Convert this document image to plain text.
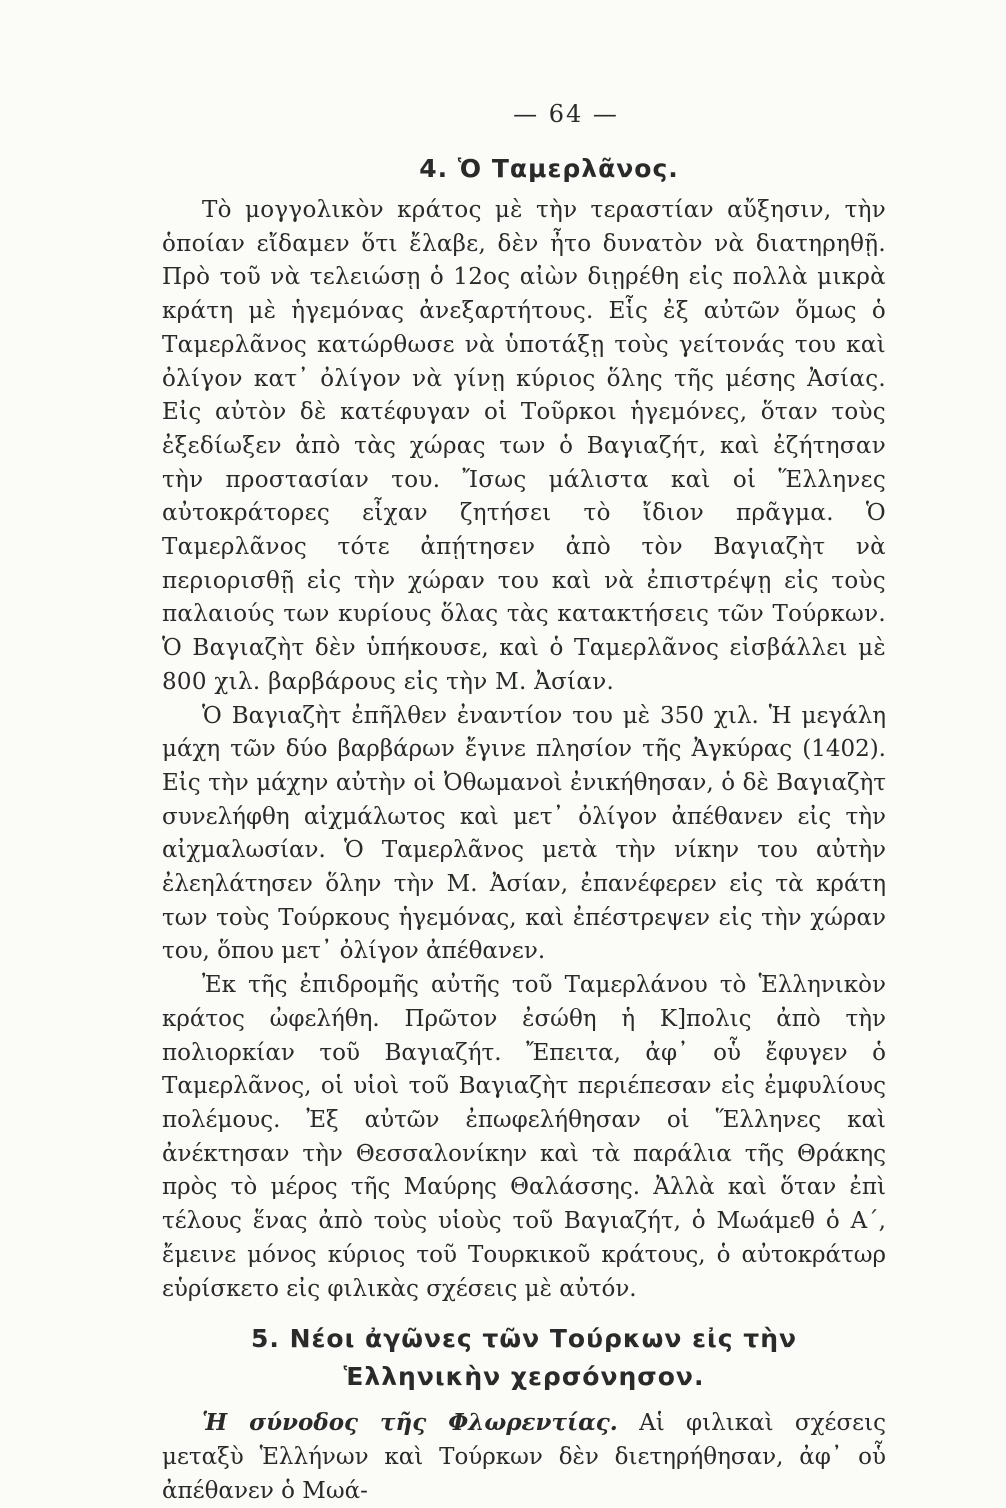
— 64 —
4. Ὁ Ταμερλᾶνος.

Τὸ μογγολικὸν κράτος μὲ τὴν τεραστίαν αὔξησιν, τὴν ὁποίαν εἴδαμεν ὅτι ἔλαβε, δὲν ἦτο δυνατὸν νὰ διατηρηθῇ. Πρὸ τοῦ νὰ τελειώσῃ ὁ 12ος αἰὼν διῃρέθη εἰς πολλὰ μικρὰ κράτη μὲ ἡγεμόνας ἀνεξαρτήτους. Εἷς ἐξ αὐτῶν ὅμως ὁ Ταμερλᾶνος κατώρθωσε νὰ ὑποτάξῃ τοὺς γείτονάς του καὶ ὀλίγον κατ᾽ ὀλίγον νὰ γίνῃ κύριος ὅλης τῆς μέσης Ἀσίας. Εἰς αὐτὸν δὲ κατέφυγαν οἱ Τοῦρκοι ἡγεμόνες, ὅταν τοὺς ἐξεδίωξεν ἀπὸ τὰς χώρας των ὁ Βαγιαζήτ, καὶ ἐζήτησαν τὴν προστασίαν του. Ἴσως μάλιστα καὶ οἱ Ἕλληνες αὐτοκράτορες εἶχαν ζητήσει τὸ ἴδιον πρᾶγμα. Ὁ Ταμερλᾶνος τότε ἀπῄτησεν ἀπὸ τὸν Βαγιαζὴτ νὰ περιορισθῇ εἰς τὴν χώραν του καὶ νὰ ἐπιστρέψῃ εἰς τοὺς παλαιούς των κυρίους ὅλας τὰς κατακτήσεις τῶν Τούρκων. Ὁ Βαγιαζὴτ δὲν ὑπήκουσε, καὶ ὁ Ταμερλᾶνος εἰσβάλλει μὲ 800 χιλ. βαρβάρους εἰς τὴν Μ. Ἀσίαν.

Ὁ Βαγιαζὴτ ἐπῆλθεν ἐναντίον του μὲ 350 χιλ. Ἡ μεγάλη μάχη τῶν δύο βαρβάρων ἔγινε πλησίον τῆς Ἀγκύρας (1402). Εἰς τὴν μάχην αὐτὴν οἱ Ὀθωμανοὶ ἐνικήθησαν, ὁ δὲ Βαγιαζὴτ συνελήφθη αἰχμάλωτος καὶ μετ᾽ ὀλίγον ἀπέθανεν εἰς τὴν αἰχμαλωσίαν. Ὁ Ταμερλᾶνος μετὰ τὴν νίκην του αὐτὴν ἐλεηλάτησεν ὅλην τὴν Μ. Ἀσίαν, ἐπανέφερεν εἰς τὰ κράτη των τοὺς Τούρκους ἡγεμόνας, καὶ ἐπέστρεψεν εἰς τὴν χώραν του, ὅπου μετ᾽ ὀλίγον ἀπέθανεν.

Ἐκ τῆς ἐπιδρομῆς αὐτῆς τοῦ Ταμερλάνου τὸ Ἑλληνικὸν κράτος ὠφελήθη. Πρῶτον ἐσώθη ἡ Κ]πολις ἀπὸ τὴν πολιορκίαν τοῦ Βαγιαζήτ. Ἔπειτα, ἀφ᾽ οὗ ἔφυγεν ὁ Ταμερλᾶνος, οἱ υἱοὶ τοῦ Βαγιαζὴτ περιέπεσαν εἰς ἐμφυλίους πολέμους. Ἐξ αὐτῶν ἐπωφελήθησαν οἱ Ἕλληνες καὶ ἀνέκτησαν τὴν Θεσσαλονίκην καὶ τὰ παράλια τῆς Θράκης πρὸς τὸ μέρος τῆς Μαύρης Θαλάσσης. Ἀλλὰ καὶ ὅταν ἐπὶ τέλους ἕνας ἀπὸ τοὺς υἱοὺς τοῦ Βαγιαζήτ, ὁ Μωάμεθ ὁ Α΄, ἔμεινε μόνος κύριος τοῦ Τουρκικοῦ κράτους, ὁ αὐτοκράτωρ εὑρίσκετο εἰς φιλικὰς σχέσεις μὲ αὐτόν.

5. Νέοι ἀγῶνες τῶν Τούρκων εἰς τὴν
Ἑλληνικὴν χερσόνησον.

Ἡ σύνοδος τῆς Φλωρεντίας. Αἱ φιλικαὶ σχέσεις μεταξὺ Ἑλλήνων καὶ Τούρκων δὲν διετηρήθησαν, ἀφ᾽ οὗ ἀπέθανεν ὁ Μωά-
